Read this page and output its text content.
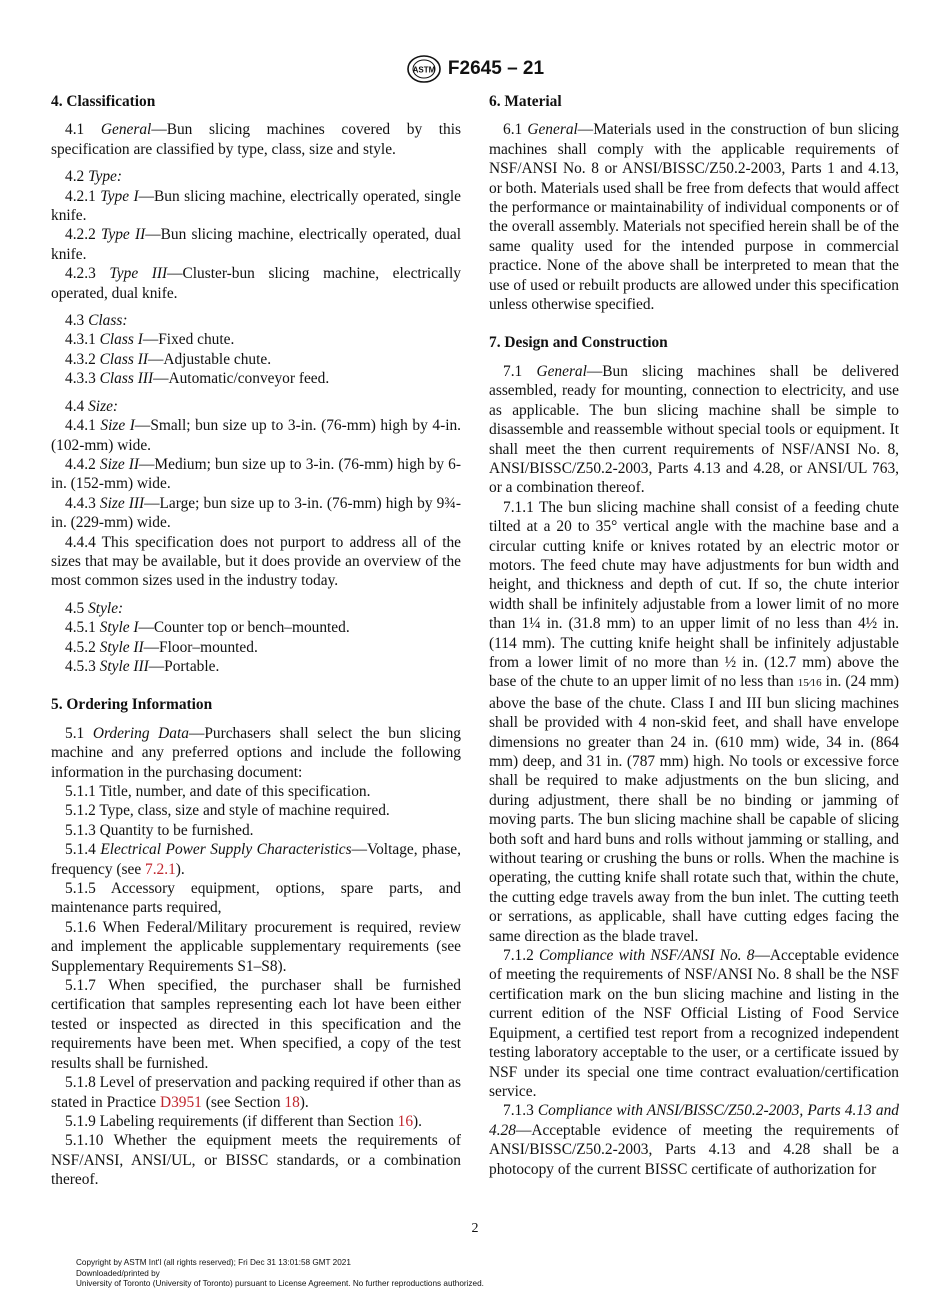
ASTM F2645 – 21
4. Classification

4.1 General—Bun slicing machines covered by this specification are classified by type, class, size and style.

4.2 Type:

4.2.1 Type I—Bun slicing machine, electrically operated, single knife.

4.2.2 Type II—Bun slicing machine, electrically operated, dual knife.

4.2.3 Type III—Cluster-bun slicing machine, electrically operated, dual knife.

4.3 Class:

4.3.1 Class I—Fixed chute.

4.3.2 Class II—Adjustable chute.

4.3.3 Class III—Automatic/conveyor feed.

4.4 Size:

4.4.1 Size I—Small; bun size up to 3-in. (76-mm) high by 4-in. (102-mm) wide.

4.4.2 Size II—Medium; bun size up to 3-in. (76-mm) high by 6-in. (152-mm) wide.

4.4.3 Size III—Large; bun size up to 3-in. (76-mm) high by 9¾-in. (229-mm) wide.

4.4.4 This specification does not purport to address all of the sizes that may be available, but it does provide an overview of the most common sizes used in the industry today.

4.5 Style:

4.5.1 Style I—Counter top or bench–mounted.

4.5.2 Style II—Floor–mounted.

4.5.3 Style III—Portable.

5. Ordering Information

5.1 Ordering Data—Purchasers shall select the bun slicing machine and any preferred options and include the following information in the purchasing document:

5.1.1 Title, number, and date of this specification.

5.1.2 Type, class, size and style of machine required.

5.1.3 Quantity to be furnished.

5.1.4 Electrical Power Supply Characteristics—Voltage, phase, frequency (see 7.2.1).

5.1.5 Accessory equipment, options, spare parts, and maintenance parts required,

5.1.6 When Federal/Military procurement is required, review and implement the applicable supplementary requirements (see Supplementary Requirements S1–S8).

5.1.7 When specified, the purchaser shall be furnished certification that samples representing each lot have been either tested or inspected as directed in this specification and the requirements have been met. When specified, a copy of the test results shall be furnished.

5.1.8 Level of preservation and packing required if other than as stated in Practice D3951 (see Section 18).

5.1.9 Labeling requirements (if different than Section 16).

5.1.10 Whether the equipment meets the requirements of NSF/ANSI, ANSI/UL, or BISSC standards, or a combination thereof.

6. Material

6.1 General—Materials used in the construction of bun slicing machines shall comply with the applicable requirements of NSF/ANSI No. 8 or ANSI/BISSC/Z50.2-2003, Parts 1 and 4.13, or both. Materials used shall be free from defects that would affect the performance or maintainability of individual components or of the overall assembly. Materials not specified herein shall be of the same quality used for the intended purpose in commercial practice. None of the above shall be interpreted to mean that the use of used or rebuilt products are allowed under this specification unless otherwise specified.

7. Design and Construction

7.1 General—Bun slicing machines shall be delivered assembled, ready for mounting, connection to electricity, and use as applicable. The bun slicing machine shall be simple to disassemble and reassemble without special tools or equipment. It shall meet the then current requirements of NSF/ANSI No. 8, ANSI/BISSC/Z50.2-2003, Parts 4.13 and 4.28, or ANSI/UL 763, or a combination thereof.

7.1.1 The bun slicing machine shall consist of a feeding chute tilted at a 20 to 35° vertical angle with the machine base and a circular cutting knife or knives rotated by an electric motor or motors. The feed chute may have adjustments for bun width and height, and thickness and depth of cut. If so, the chute interior width shall be infinitely adjustable from a lower limit of no more than 1¼ in. (31.8 mm) to an upper limit of no less than 4½ in. (114 mm). The cutting knife height shall be infinitely adjustable from a lower limit of no more than ½ in. (12.7 mm) above the base of the chute to an upper limit of no less than 15⁄16 in. (24 mm) above the base of the chute. Class I and III bun slicing machines shall be provided with 4 non-skid feet, and shall have envelope dimensions no greater than 24 in. (610 mm) wide, 34 in. (864 mm) deep, and 31 in. (787 mm) high. No tools or excessive force shall be required to make adjustments on the bun slicing, and during adjustment, there shall be no binding or jamming of moving parts. The bun slicing machine shall be capable of slicing both soft and hard buns and rolls without jamming or stalling, and without tearing or crushing the buns or rolls. When the machine is operating, the cutting knife shall rotate such that, within the chute, the cutting edge travels away from the bun inlet. The cutting teeth or serrations, as applicable, shall have cutting edges facing the same direction as the blade travel.

7.1.2 Compliance with NSF/ANSI No. 8—Acceptable evidence of meeting the requirements of NSF/ANSI No. 8 shall be the NSF certification mark on the bun slicing machine and listing in the current edition of the NSF Official Listing of Food Service Equipment, a certified test report from a recognized independent testing laboratory acceptable to the user, or a certificate issued by NSF under its special one time contract evaluation/certification service.

7.1.3 Compliance with ANSI/BISSC/Z50.2-2003, Parts 4.13 and 4.28—Acceptable evidence of meeting the requirements of ANSI/BISSC/Z50.2-2003, Parts 4.13 and 4.28 shall be a photocopy of the current BISSC certificate of authorization for

2
Copyright by ASTM Int'l (all rights reserved); Fri Dec 31 13:01:58 GMT 2021
Downloaded/printed by
University of Toronto (University of Toronto) pursuant to License Agreement. No further reproductions authorized.
